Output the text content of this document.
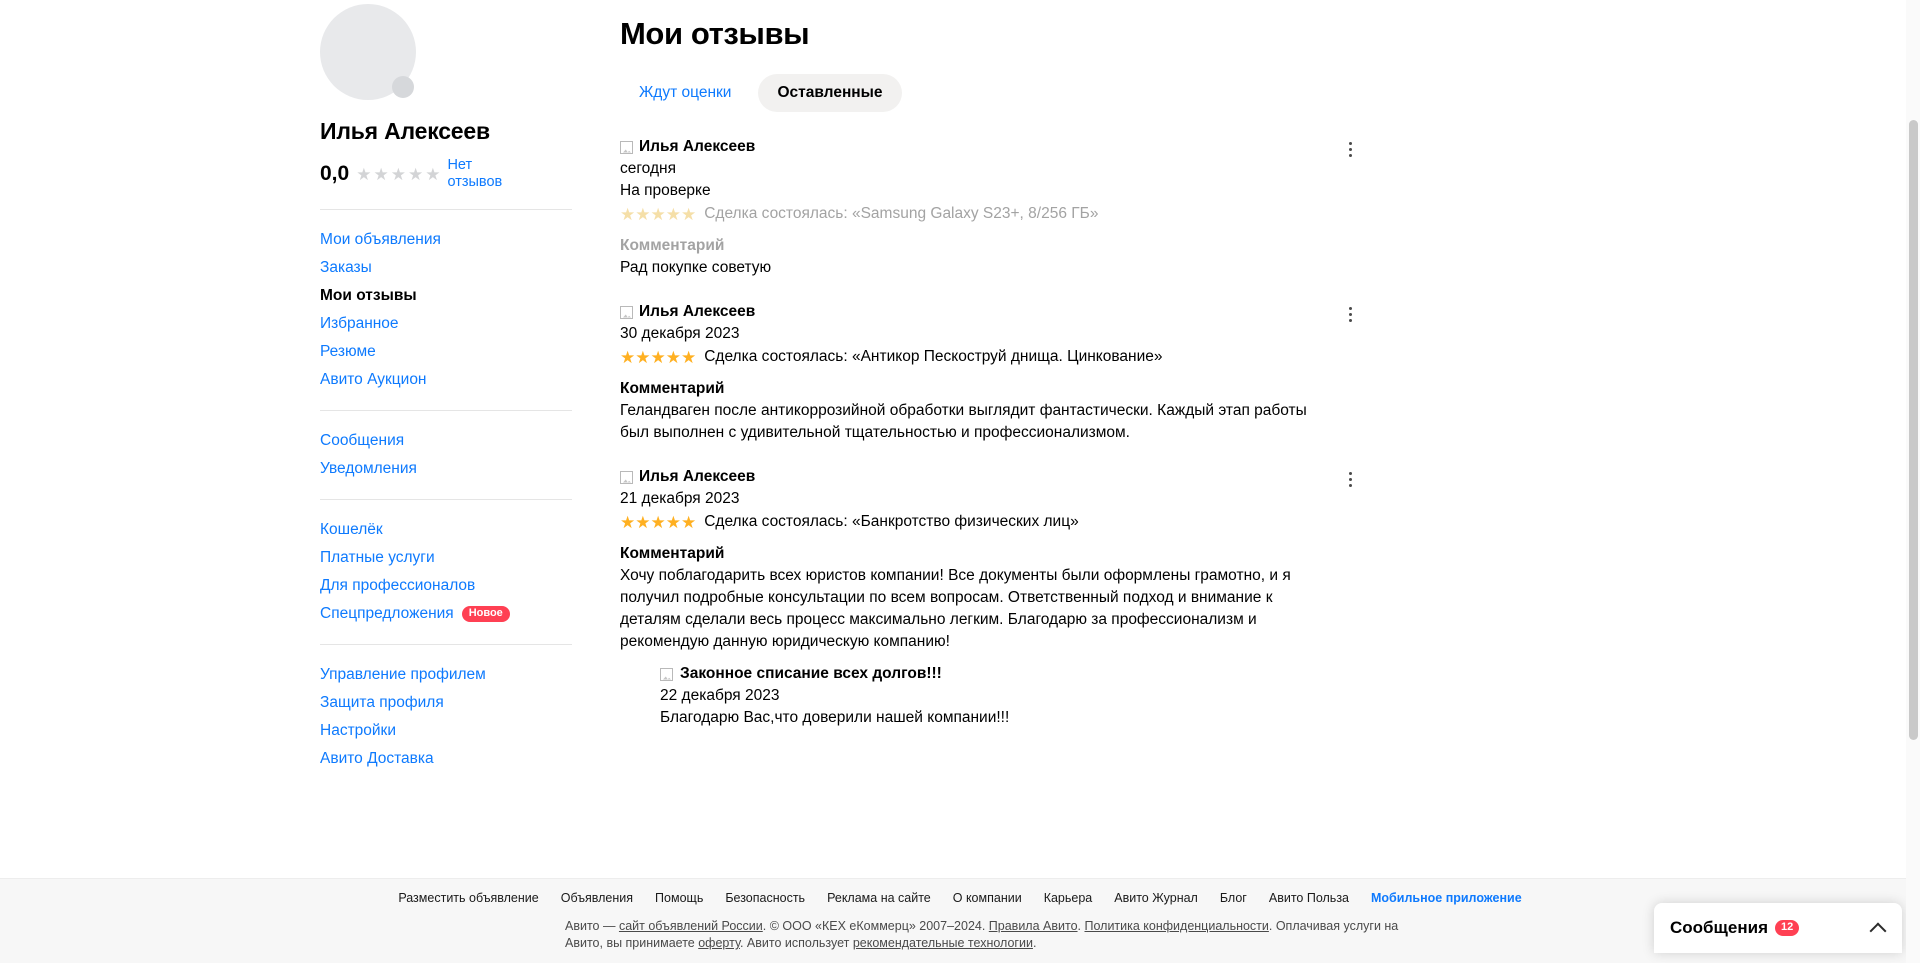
Илья Алексеев
0,0 ★ ★ ★ ★ ★ Нет отзывов
Мои объявления
Заказы
Мои отзывы
Избранное
Резюме
Авито Аукцион
Сообщения
Уведомления
Кошелёк
Платные услуги
Для профессионалов
Спецпредложения	Новое
Управление профилем
Защита профиля
Настройки
Авито Доставка
Мои отзывы
Ждут оценки	Оставленные
Илья Алексеев
сегодня
На проверке
★★★★★ Сделка состоялась: «Samsung Galaxy S23+, 8/256 ГБ»
Комментарий
Рад покупке советую
Илья Алексеев
30 декабря 2023
★★★★★ Сделка состоялась: «Антикор Пескоструй днища. Цинкование»
Комментарий
Геландваген после антикоррозийной обработки выглядит фантастически. Каждый этап работы был выполнен с удивительной тщательностью и профессионализмом.
Илья Алексеев
21 декабря 2023
★★★★★ Сделка состоялась: «Банкротство физических лиц»
Комментарий
Хочу поблагодарить всех юристов компании! Все документы были оформлены грамотно, и я получил подробные консультации по всем вопросам. Ответственный подход и внимание к деталям сделали весь процесс максимально легким. Благодарю за профессионализм и рекомендую данную юридическую компанию!
Законное списание всех долгов!!!
22 декабря 2023
Благодарю Вас,что доверили нашей компании!!!
Разместить объявление Объявления Помощь Безопасность Реклама на сайте О компании Карьера Авито Журнал Блог Авито Польза Мобильное приложение
Авито — сайт объявлений России. © ООО «КЕХ еКоммерц» 2007–2024. Правила Авито. Политика конфиденциальности. Оплачивая услуги на Авито, вы принимаете оферту. Авито использует рекомендательные технологии.
Сообщения	12
